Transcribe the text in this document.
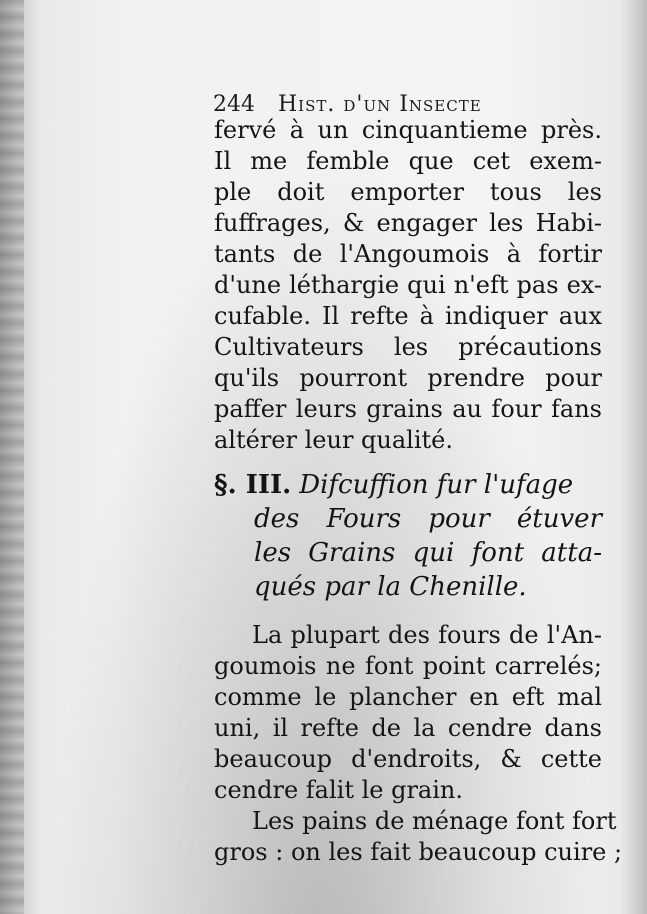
244 Hist. d'un Insecte
fervé à un cinquantieme près.
Il me femble que cet exem-
ple doit emporter tous les
fuffrages, & engager les Habi-
tants de l'Angoumois à fortir
d'une léthargie qui n'eft pas ex-
cufable. Il refte à indiquer aux
Cultivateurs les précautions
qu'ils pourront prendre pour
paffer leurs grains au four fans
altérer leur qualité.
§. III. Difcuffion fur l'ufage
des Fours pour étuver
les Grains qui font atta-
qués par la Chenille.
La plupart des fours de l'An-
goumois ne font point carrelés;
comme le plancher en eft mal
uni, il refte de la cendre dans
beaucoup d'endroits, & cette
cendre falit le grain.
Les pains de ménage font fort
gros : on les fait beaucoup cuire ;
